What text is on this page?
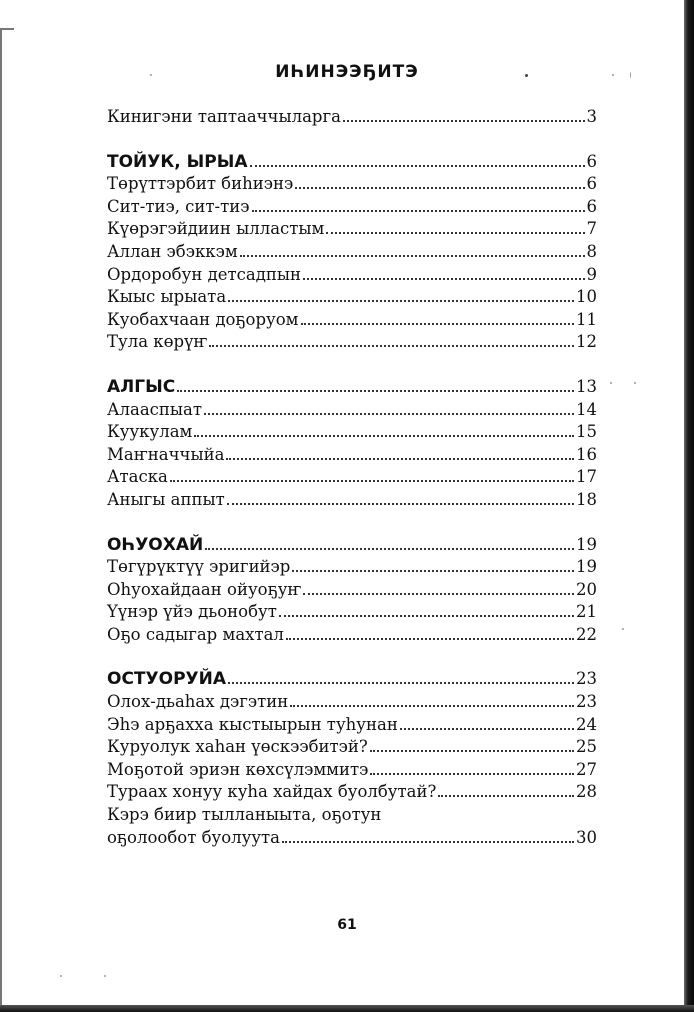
ИҺИНЭЭҔИТЭ
Кинигэни таптааччыларга	3
ТОЙУК, ЫРЫА	6
Төрүттэрбит биһиэнэ	6
Сит-тиэ, сит-тиэ	6
Күөрэгэйдиин ылластым	7
Аллан эбэккэм	8
Ордоробун детсадпын	9
Кыыс ырыата	10
Куобахчаан доҕоруом	11
Тула көрүҥ	12
АЛГЫС	13
Алааспыат	14
Куукулам	15
Маҥначчыйа	16
Атаска	17
Аныгы аппыт	18
ОҺУОХАЙ	19
Төгүрүктүү эригийэр	19
Оһуохайдаан ойуоҕуҥ	20
Үүнэр үйэ дьонобут	21
Оҕо садыгар махтал	22
ОСТУОРУЙА	23
Олох-дьаһах дэгэтин	23
Эһэ арҕахха кыстыырын туһунан	24
Куруолук хаһан үөскээбитэй?	25
Моҕотой эриэн көхсүлэммитэ	27
Тураах хонуу куһа хайдах буолбутай?	28
Кэрэ биир тылланыыта, оҕотун
оҕолообот буолуута	30
61
